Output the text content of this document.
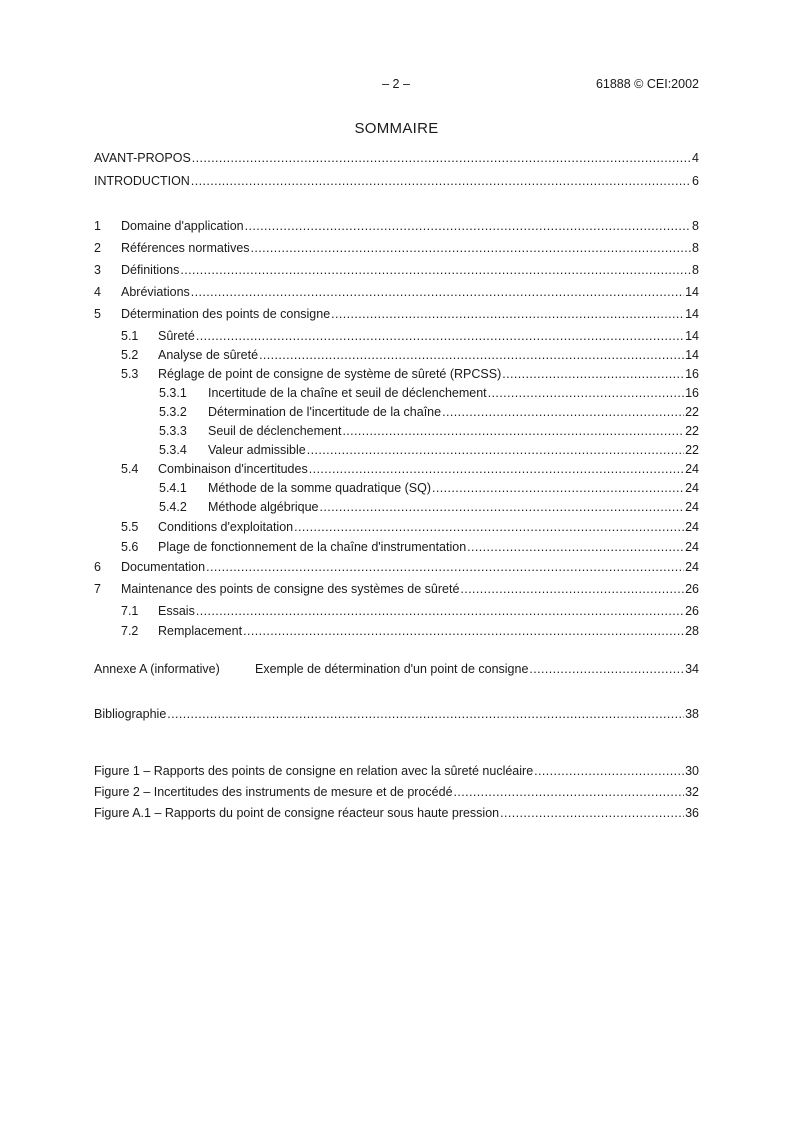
– 2 –	61888 © CEI:2002
SOMMAIRE
AVANT-PROPOS .....	4
INTRODUCTION .....	6
1	Domaine d'application .....	8
2	Références normatives .....	8
3	Définitions .....	8
4	Abréviations .....	14
5	Détermination des points de consigne .....	14
5.1	Sûreté .....	14
5.2	Analyse de sûreté .....	14
5.3	Réglage de point de consigne de système de sûreté (RPCSS) .....	16
5.3.1	Incertitude de la chaîne et seuil de déclenchement .....	16
5.3.2	Détermination de l'incertitude de la chaîne .....	22
5.3.3	Seuil de déclenchement .....	22
5.3.4	Valeur admissible .....	22
5.4	Combinaison d'incertitudes .....	24
5.4.1	Méthode de la somme quadratique (SQ) .....	24
5.4.2	Méthode algébrique .....	24
5.5	Conditions d'exploitation .....	24
5.6	Plage de fonctionnement de la chaîne d'instrumentation .....	24
6	Documentation .....	24
7	Maintenance des points de consigne des systèmes de sûreté .....	26
7.1	Essais .....	26
7.2	Remplacement .....	28
Annexe A (informative)	Exemple de détermination d'un point de consigne .....	34
Bibliographie .....	38
Figure 1 – Rapports des points de consigne en relation avec la sûreté nucléaire .....	30
Figure 2 – Incertitudes des instruments de mesure et de procédé .....	32
Figure A.1 – Rapports du point de consigne réacteur sous haute pression .....	36
